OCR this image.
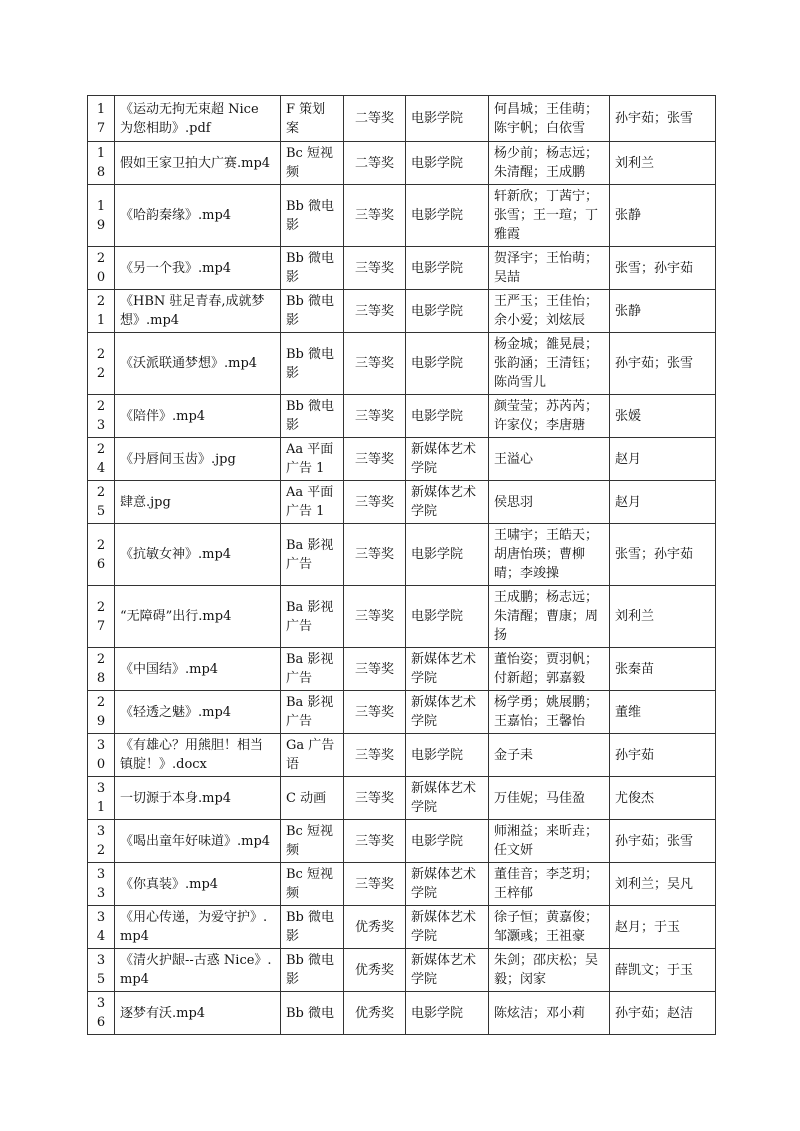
17	《运动无拘无束超 Nice 为您相助》.pdf	F 策划案	二等奖	电影学院	何昌城；王佳萌；陈宇帆；白依雪	孙宇茹；张雪
18	假如王家卫拍大广赛.mp4	Bc 短视频	二等奖	电影学院	杨少前；杨志远；朱清醒；王成鹏	刘利兰
19	《哈韵秦缘》.mp4	Bb 微电影	三等奖	电影学院	轩新欣；丁茜宁；张雪；王一瑄；丁雅霞	张静
20	《另一个我》.mp4	Bb 微电影	三等奖	电影学院	贺泽宇；王怡萌；吴喆	张雪；孙宇茹
21	《HBN 驻足青春,成就梦想》.mp4	Bb 微电影	三等奖	电影学院	王严玉；王佳怡；余小爱；刘炫辰	张静
22	《沃派联通梦想》.mp4	Bb 微电影	三等奖	电影学院	杨金城；雒晃晨；张韵涵；王清钰；陈尚雪儿	孙宇茹；张雪
23	《陪伴》.mp4	Bb 微电影	三等奖	电影学院	颜莹莹；苏芮芮；许家仪；李唐瑭	张媛
24	《丹唇间玉齿》.jpg	Aa 平面广告 1	三等奖	新媒体艺术学院	王溢心	赵月
25	肆意.jpg	Aa 平面广告 1	三等奖	新媒体艺术学院	侯思羽	赵月
26	《抗敏女神》.mp4	Ba 影视广告	三等奖	电影学院	王啸宇；王皓天；胡唐怡瑛；曹柳晴；李竣操	张雪；孙宇茹
27	“无障碍”出行.mp4	Ba 影视广告	三等奖	电影学院	王成鹏；杨志远；朱清醒；曹康；周扬	刘利兰
28	《中国结》.mp4	Ba 影视广告	三等奖	新媒体艺术学院	董怡姿；贾羽帆；付新超；郭嘉毅	张秦苗
29	《轻透之魅》.mp4	Ba 影视广告	三等奖	新媒体艺术学院	杨学勇；姚展鹏；王嘉怡；王馨怡	董维
30	《有雄心？用熊胆！相当镇腚！》.docx	Ga 广告语	三等奖	电影学院	金子耒	孙宇茹
31	一切源于本身.mp4	C 动画	三等奖	新媒体艺术学院	万佳妮；马佳盈	尤俊杰
32	《喝出童年好味道》.mp4	Bc 短视频	三等奖	电影学院	师湘益；来昕垚；任文妍	孙宇茹；张雪
33	《你真装》.mp4	Bc 短视频	三等奖	新媒体艺术学院	董佳音；李芝玥；王梓郁	刘利兰；吴凡
34	《用心传递，为爱守护》.mp4	Bb 微电影	优秀奖	新媒体艺术学院	徐子恒；黄嘉俊；邹灏彧；王祖豪	赵月；于玉
35	《清火护龈--古惑 Nice》.mp4	Bb 微电影	优秀奖	新媒体艺术学院	朱剑；邵庆松；吴毅；闵家	薛凯文；于玉
36	逐梦有沃.mp4	Bb 微电	优秀奖	电影学院	陈炫洁；邓小莉	孙宇茹；赵洁
